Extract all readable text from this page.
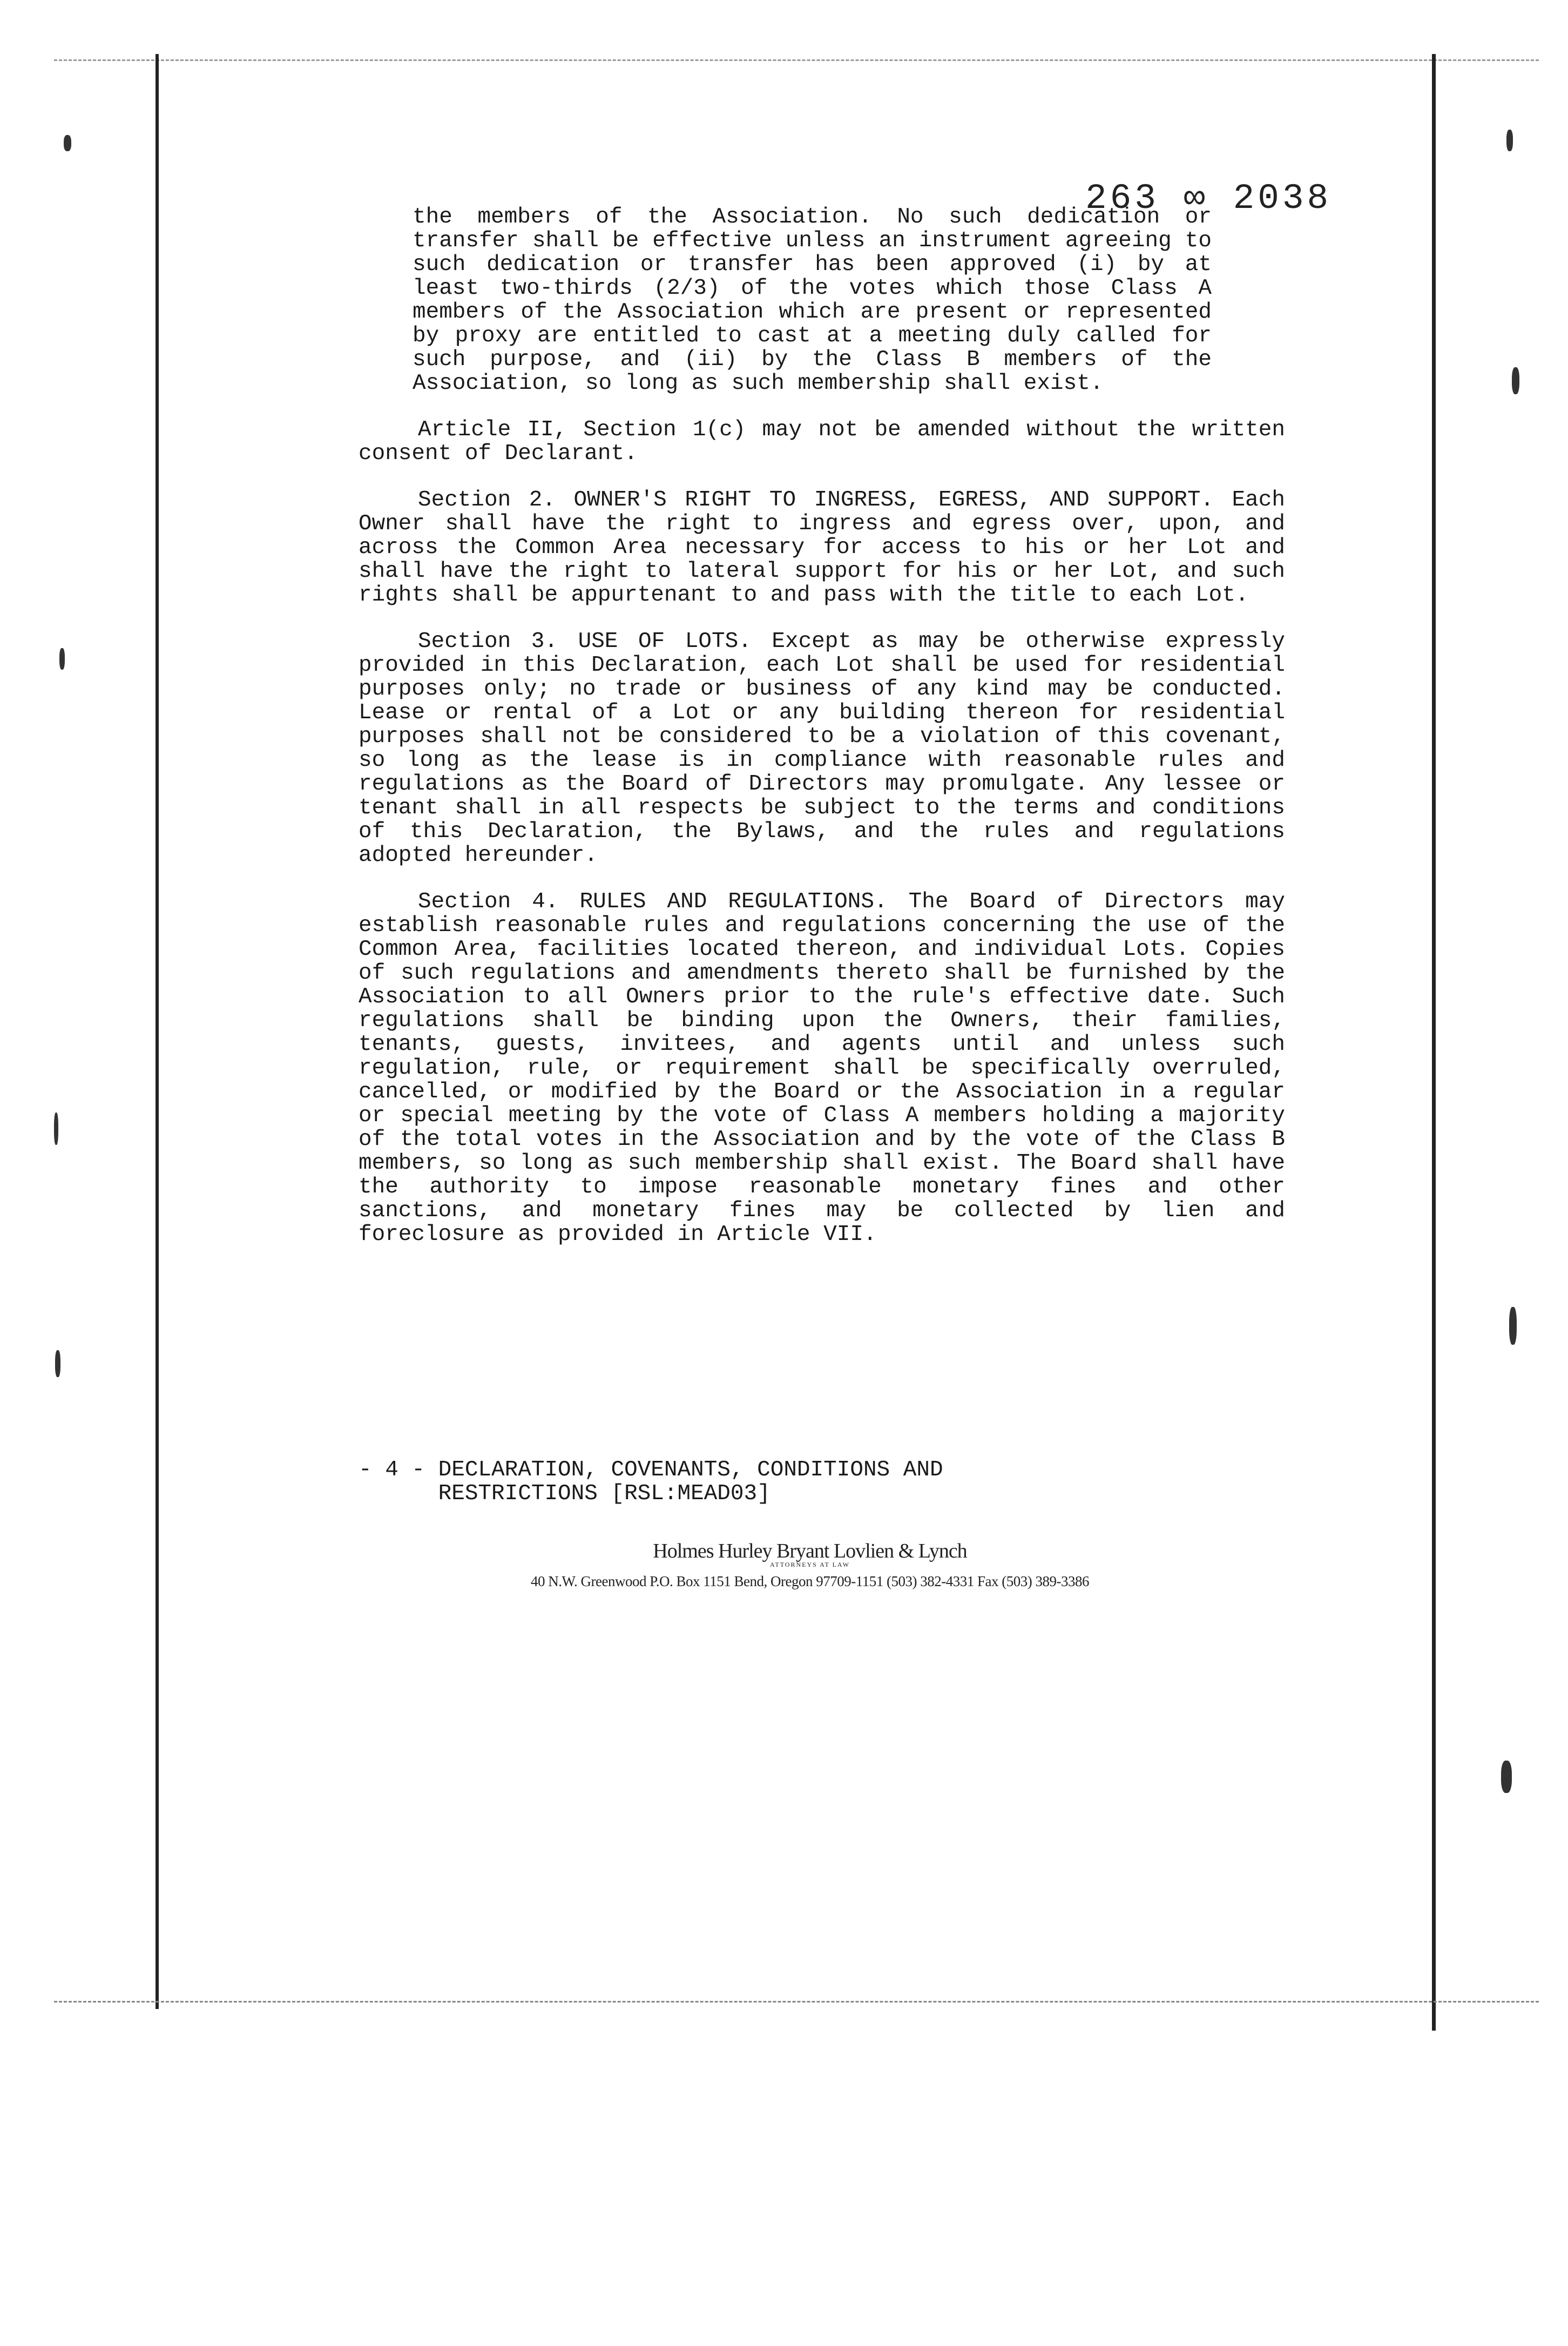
263 ∞ 2038

the members of the Association. No such dedication or transfer shall be effective unless an instrument agreeing to such dedication or transfer has been approved (i) by at least two-thirds (2/3) of the votes which those Class A members of the Association which are present or represented by proxy are entitled to cast at a meeting duly called for such purpose, and (ii) by the Class B members of the Association, so long as such membership shall exist.

Article II, Section 1(c) may not be amended without the written consent of Declarant.

Section 2. OWNER'S RIGHT TO INGRESS, EGRESS, AND SUPPORT. Each Owner shall have the right to ingress and egress over, upon, and across the Common Area necessary for access to his or her Lot and shall have the right to lateral support for his or her Lot, and such rights shall be appurtenant to and pass with the title to each Lot.

Section 3. USE OF LOTS. Except as may be otherwise expressly provided in this Declaration, each Lot shall be used for residential purposes only; no trade or business of any kind may be conducted. Lease or rental of a Lot or any building thereon for residential purposes shall not be considered to be a violation of this covenant, so long as the lease is in compliance with reasonable rules and regulations as the Board of Directors may promulgate. Any lessee or tenant shall in all respects be subject to the terms and conditions of this Declaration, the Bylaws, and the rules and regulations adopted hereunder.

Section 4. RULES AND REGULATIONS. The Board of Directors may establish reasonable rules and regulations concerning the use of the Common Area, facilities located thereon, and individual Lots. Copies of such regulations and amendments thereto shall be furnished by the Association to all Owners prior to the rule's effective date. Such regulations shall be binding upon the Owners, their families, tenants, guests, invitees, and agents until and unless such regulation, rule, or requirement shall be specifically overruled, cancelled, or modified by the Board or the Association in a regular or special meeting by the vote of Class A members holding a majority of the total votes in the Association and by the vote of the Class B members, so long as such membership shall exist. The Board shall have the authority to impose reasonable monetary fines and other sanctions, and monetary fines may be collected by lien and foreclosure as provided in Article VII.

- 4 - DECLARATION, COVENANTS, CONDITIONS AND
RESTRICTIONS [RSL:MEAD03]
Holmes Hurley Bryant Lovlien & Lynch
ATTORNEYS AT LAW
40 N.W. Greenwood P.O. Box 1151 Bend, Oregon 97709-1151 (503) 382-4331 Fax (503) 389-3386
